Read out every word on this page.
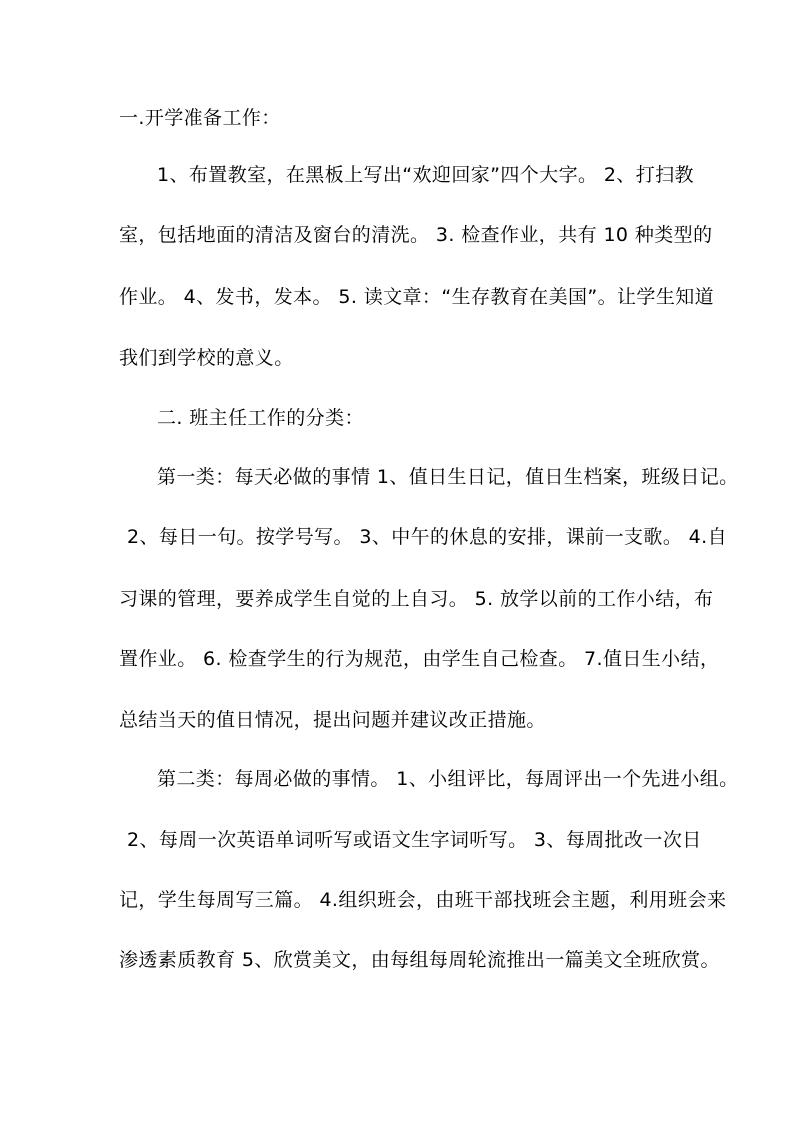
一.开学准备工作：
1、布置教室，在黑板上写出“欢迎回家”四个大字。 2、打扫教
室，包括地面的清洁及窗台的清洗。 3. 检查作业，共有 10 种类型的
作业。 4、发书，发本。 5. 读文章：“生存教育在美国”。让学生知道
我们到学校的意义。
二. 班主任工作的分类：
第一类：每天必做的事情 1、值日生日记，值日生档案，班级日记。
2、每日一句。按学号写。 3、中午的休息的安排，课前一支歌。 4.自
习课的管理，要养成学生自觉的上自习。 5. 放学以前的工作小结，布
置作业。 6. 检查学生的行为规范，由学生自己检查。 7.值日生小结，
总结当天的值日情况，提出问题并建议改正措施。
第二类：每周必做的事情。 1、小组评比，每周评出一个先进小组。
2、每周一次英语单词听写或语文生字词听写。 3、每周批改一次日
记，学生每周写三篇。 4.组织班会，由班干部找班会主题，利用班会来
渗透素质教育 5、欣赏美文，由每组每周轮流推出一篇美文全班欣赏。
